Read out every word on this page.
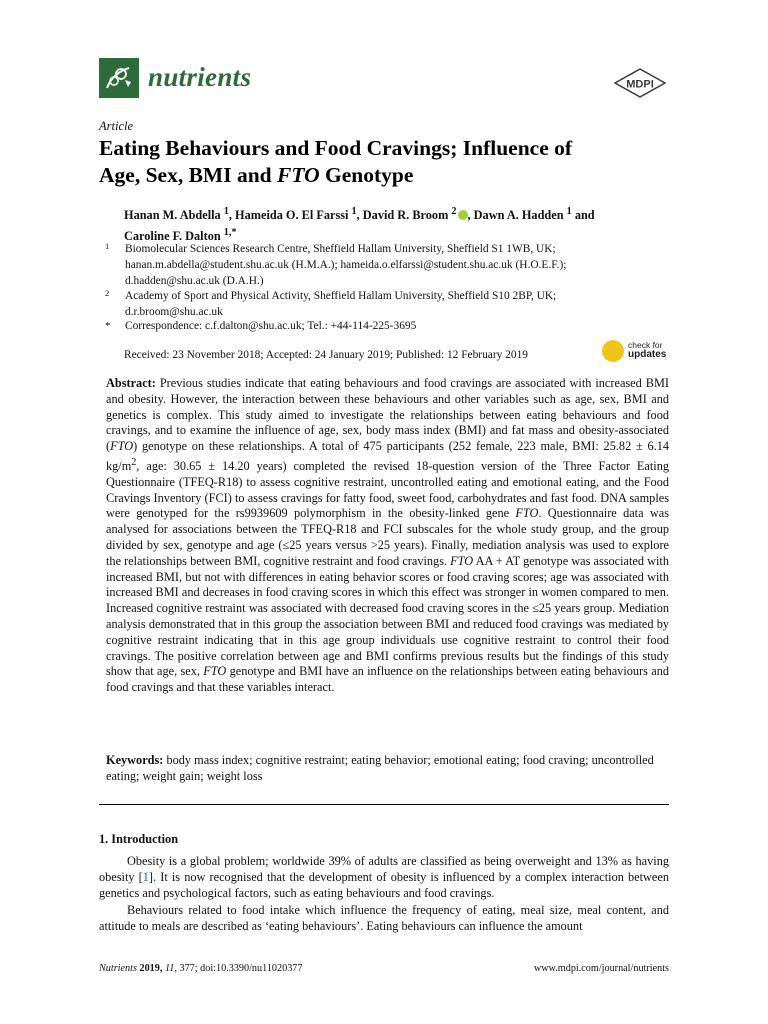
nutrients	MDPI
Article
Eating Behaviours and Food Cravings; Influence of
Age, Sex, BMI and FTO Genotype
Hanan M. Abdella $^1$, Hameida O. El Farssi $^1$, David R. Broom $^2$ , Dawn A. Hadden $^1$ and
Caroline F. Dalton $^{1,*}$
1 Biomolecular Sciences Research Centre, Sheffield Hallam University, Sheffield S1 1WB, UK;
hanan.m.abdella@student.shu.ac.uk (H.M.A.); hameida.o.elfarssi@student.shu.ac.uk (H.O.E.F.);
d.hadden@shu.ac.uk (D.A.H.)
2 Academy of Sport and Physical Activity, Sheffield Hallam University, Sheffield S10 2BP, UK;
d.r.broom@shu.ac.uk
* Correspondence: c.f.dalton@shu.ac.uk; Tel.: +44-114-225-3695
Received: 23 November 2018; Accepted: 24 January 2019; Published: 12 February 2019
check for
updates
Abstract: Previous studies indicate that eating behaviours and food cravings are associated with increased BMI and obesity. However, the interaction between these behaviours and other variables such as age, sex, BMI and genetics is complex. This study aimed to investigate the relationships between eating behaviours and food cravings, and to examine the influence of age, sex, body mass index (BMI) and fat mass and obesity-associated (FTO) genotype on these relationships. A total of 475 participants (252 female, 223 male, BMI: 25.82 ± 6.14 $kg/m^2$, age: 30.65 ± 14.20 years) completed the revised 18-question version of the Three Factor Eating Questionnaire (TFEQ-R18) to assess cognitive restraint, uncontrolled eating and emotional eating, and the Food Cravings Inventory (FCI) to assess cravings for fatty food, sweet food, carbohydrates and fast food. DNA samples were genotyped for the rs9939609 polymorphism in the obesity-linked gene FTO. Questionnaire data was analysed for associations between the TFEQ-R18 and FCI subscales for the whole study group, and the group divided by sex, genotype and age (≤25 years versus >25 years). Finally, mediation analysis was used to explore the relationships between BMI, cognitive restraint and food cravings. FTO AA + AT genotype was associated with increased BMI, but not with differences in eating behavior scores or food craving scores; age was associated with increased BMI and decreases in food craving scores in which this effect was stronger in women compared to men. Increased cognitive restraint was associated with decreased food craving scores in the ≤25 years group. Mediation analysis demonstrated that in this group the association between BMI and reduced food cravings was mediated by cognitive restraint indicating that in this age group individuals use cognitive restraint to control their food cravings. The positive correlation between age and BMI confirms previous results but the findings of this study show that age, sex, FTO genotype and BMI have an influence on the relationships between eating behaviours and food cravings and that these variables interact.
Keywords: body mass index; cognitive restraint; eating behavior; emotional eating; food craving; uncontrolled eating; weight gain; weight loss
1. Introduction

Obesity is a global problem; worldwide 39% of adults are classified as being overweight and 13% as having obesity [1]. It is now recognised that the development of obesity is influenced by a complex interaction between genetics and psychological factors, such as eating behaviours and food cravings.

Behaviours related to food intake which influence the frequency of eating, meal size, meal content, and attitude to meals are described as ‘eating behaviours’. Eating behaviours can influence the amount

Nutrients 2019, 11, 377; doi:10.3390/nu11020377	www.mdpi.com/journal/nutrients
